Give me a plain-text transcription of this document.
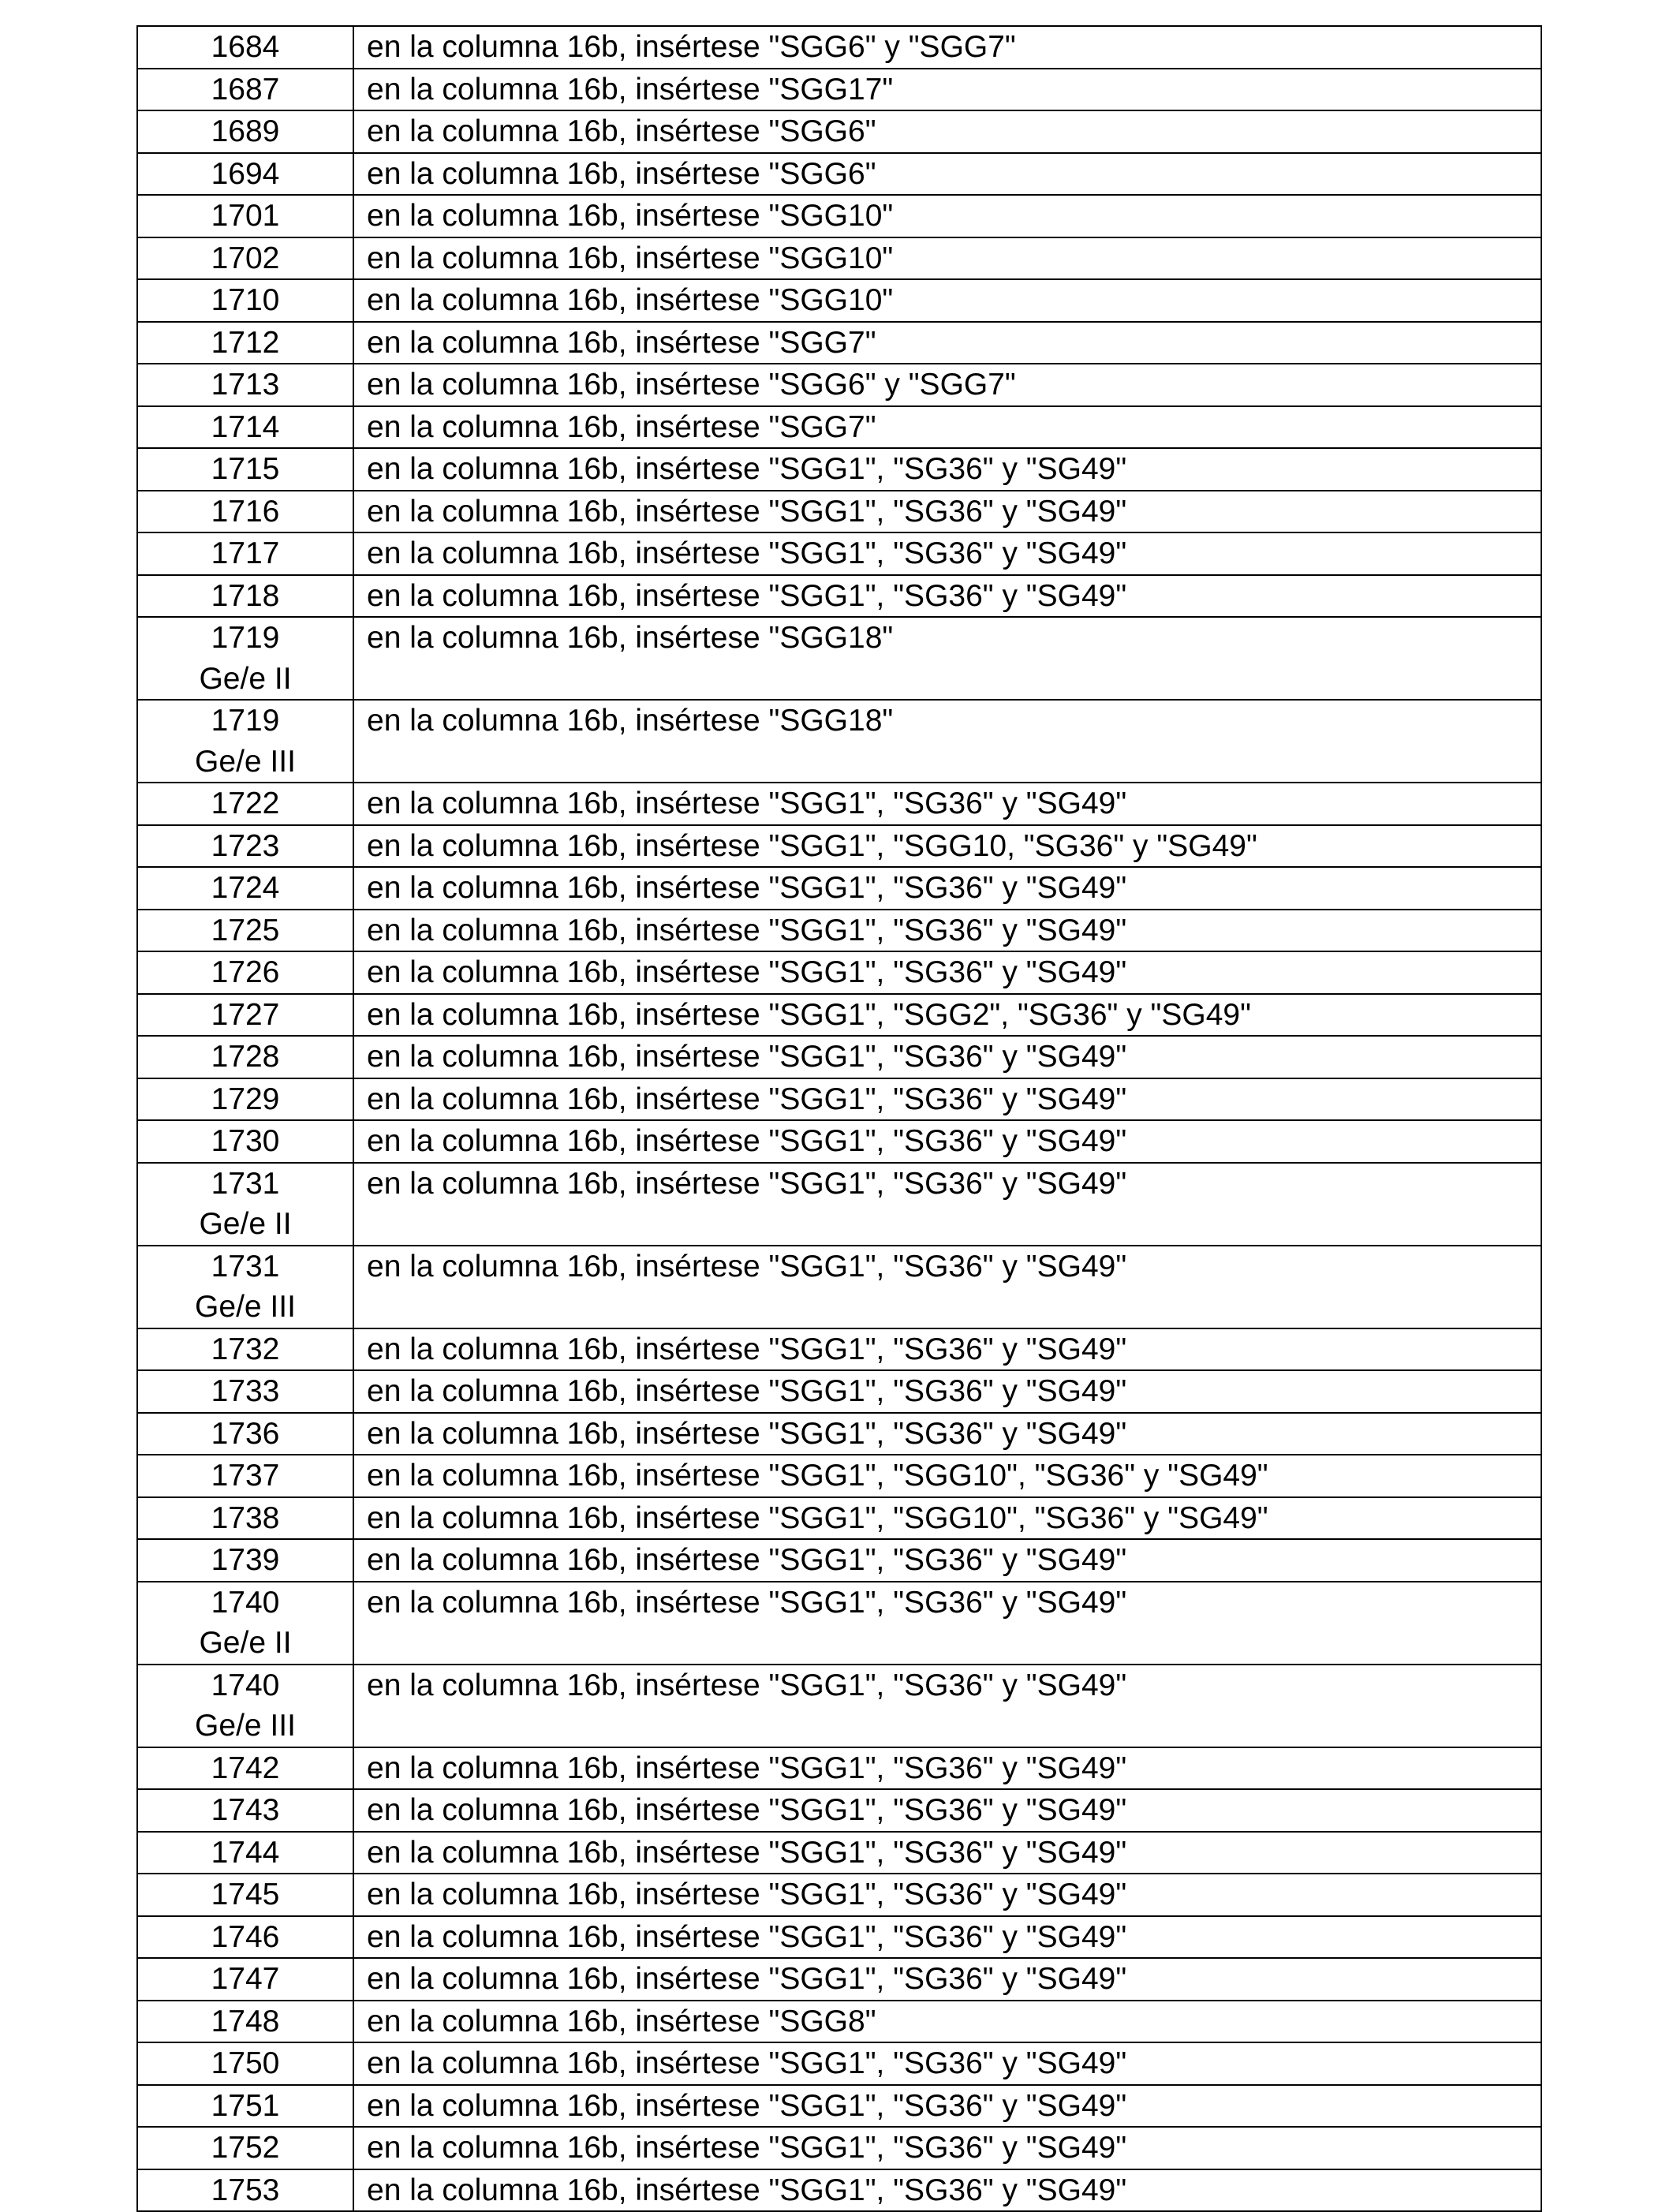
1684	en la columna 16b, insértese "SGG6" y "SGG7"

1687	en la columna 16b, insértese "SGG17"

1689	en la columna 16b, insértese "SGG6"

1694	en la columna 16b, insértese "SGG6"

1701	en la columna 16b, insértese "SGG10"

1702	en la columna 16b, insértese "SGG10"

1710	en la columna 16b, insértese "SGG10"

1712	en la columna 16b, insértese "SGG7"

1713	en la columna 16b, insértese "SGG6" y "SGG7"

1714	en la columna 16b, insértese "SGG7"

1715	en la columna 16b, insértese "SGG1", "SG36" y "SG49"

1716	en la columna 16b, insértese "SGG1", "SG36" y "SG49"

1717	en la columna 16b, insértese "SGG1", "SG36" y "SG49"

1718	en la columna 16b, insértese "SGG1", "SG36" y "SG49"

1719
Ge/e II	en la columna 16b, insértese "SGG18"

1719
Ge/e III	en la columna 16b, insértese "SGG18"

1722	en la columna 16b, insértese "SGG1", "SG36" y "SG49"

1723	en la columna 16b, insértese "SGG1", "SGG10, "SG36" y "SG49"

1724	en la columna 16b, insértese "SGG1", "SG36" y "SG49"

1725	en la columna 16b, insértese "SGG1", "SG36" y "SG49"

1726	en la columna 16b, insértese "SGG1", "SG36" y "SG49"

1727	en la columna 16b, insértese "SGG1", "SGG2", "SG36" y "SG49"

1728	en la columna 16b, insértese "SGG1", "SG36" y "SG49"

1729	en la columna 16b, insértese "SGG1", "SG36" y "SG49"

1730	en la columna 16b, insértese "SGG1", "SG36" y "SG49"

1731
Ge/e II	en la columna 16b, insértese "SGG1", "SG36" y "SG49"

1731
Ge/e III	en la columna 16b, insértese "SGG1", "SG36" y "SG49"

1732	en la columna 16b, insértese "SGG1", "SG36" y "SG49"

1733	en la columna 16b, insértese "SGG1", "SG36" y "SG49"

1736	en la columna 16b, insértese "SGG1", "SG36" y "SG49"

1737	en la columna 16b, insértese "SGG1", "SGG10", "SG36" y "SG49"

1738	en la columna 16b, insértese "SGG1", "SGG10", "SG36" y "SG49"

1739	en la columna 16b, insértese "SGG1", "SG36" y "SG49"

1740
Ge/e II	en la columna 16b, insértese "SGG1", "SG36" y "SG49"

1740
Ge/e III	en la columna 16b, insértese "SGG1", "SG36" y "SG49"

1742	en la columna 16b, insértese "SGG1", "SG36" y "SG49"

1743	en la columna 16b, insértese "SGG1", "SG36" y "SG49"

1744	en la columna 16b, insértese "SGG1", "SG36" y "SG49"

1745	en la columna 16b, insértese "SGG1", "SG36" y "SG49"

1746	en la columna 16b, insértese "SGG1", "SG36" y "SG49"

1747	en la columna 16b, insértese "SGG1", "SG36" y "SG49"

1748	en la columna 16b, insértese "SGG8"

1750	en la columna 16b, insértese "SGG1", "SG36" y "SG49"

1751	en la columna 16b, insértese "SGG1", "SG36" y "SG49"

1752	en la columna 16b, insértese "SGG1", "SG36" y "SG49"

1753	en la columna 16b, insértese "SGG1", "SG36" y "SG49"
